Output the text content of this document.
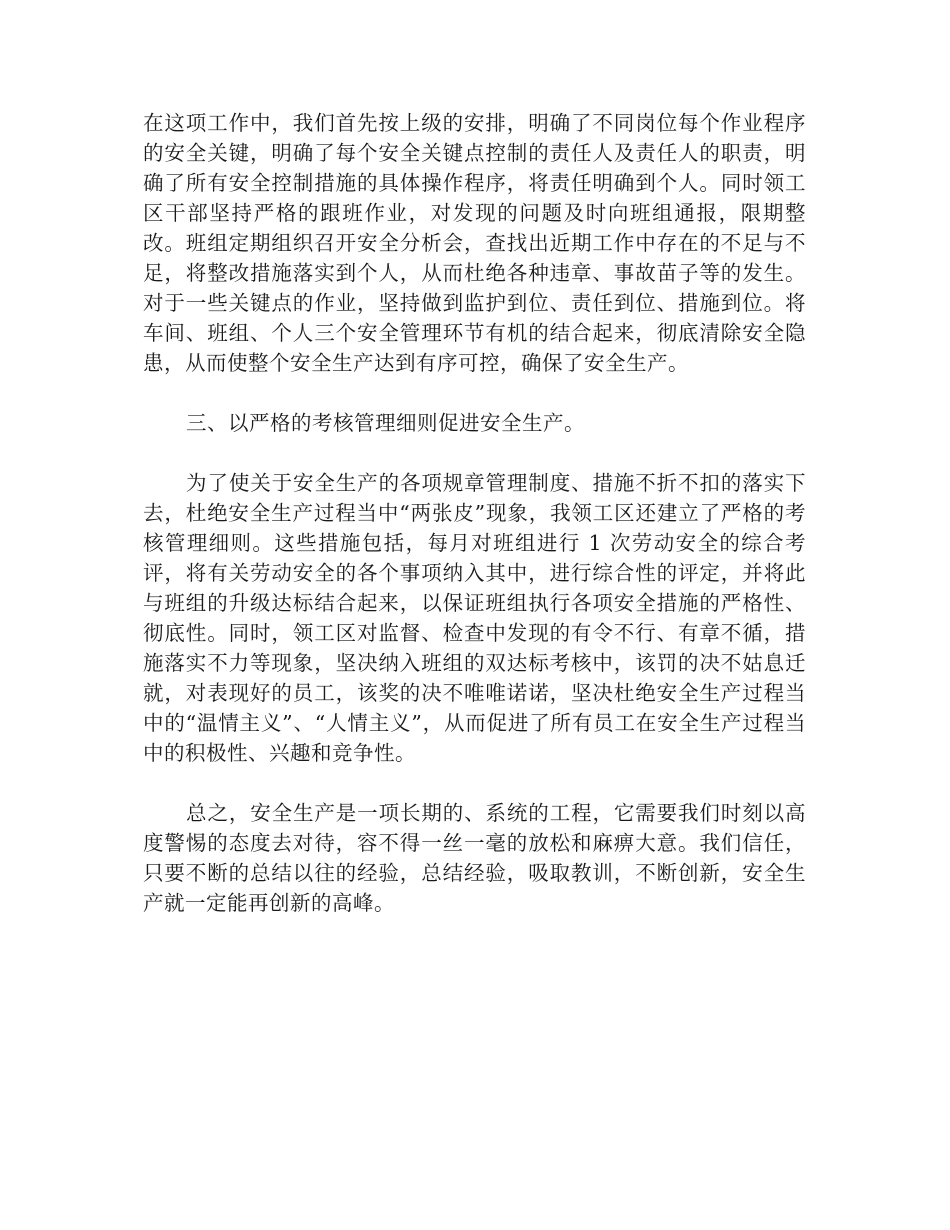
在这项工作中，我们首先按上级的安排，明确了不同岗位每个作业程序的安全关键，明确了每个安全关键点控制的责任人及责任人的职责，明确了所有安全控制措施的具体操作程序，将责任明确到个人。同时领工区干部坚持严格的跟班作业，对发现的问题及时向班组通报，限期整改。班组定期组织召开安全分析会，查找出近期工作中存在的不足与不足，将整改措施落实到个人，从而杜绝各种违章、事故苗子等的发生。对于一些关键点的作业，坚持做到监护到位、责任到位、措施到位。将车间、班组、个人三个安全管理环节有机的结合起来，彻底清除安全隐患，从而使整个安全生产达到有序可控，确保了安全生产。

三、以严格的考核管理细则促进安全生产。

为了使关于安全生产的各项规章管理制度、措施不折不扣的落实下去，杜绝安全生产过程当中“两张皮”现象，我领工区还建立了严格的考核管理细则。这些措施包括，每月对班组进行 1 次劳动安全的综合考评，将有关劳动安全的各个事项纳入其中，进行综合性的评定，并将此与班组的升级达标结合起来，以保证班组执行各项安全措施的严格性、彻底性。同时，领工区对监督、检查中发现的有令不行、有章不循，措施落实不力等现象，坚决纳入班组的双达标考核中，该罚的决不姑息迁就，对表现好的员工，该奖的决不唯唯诺诺，坚决杜绝安全生产过程当中的“温情主义”、“人情主义”，从而促进了所有员工在安全生产过程当中的积极性、兴趣和竞争性。

总之，安全生产是一项长期的、系统的工程，它需要我们时刻以高度警惕的态度去对待，容不得一丝一毫的放松和麻痹大意。我们信任，只要不断的总结以往的经验，总结经验，吸取教训，不断创新，安全生产就一定能再创新的高峰。
